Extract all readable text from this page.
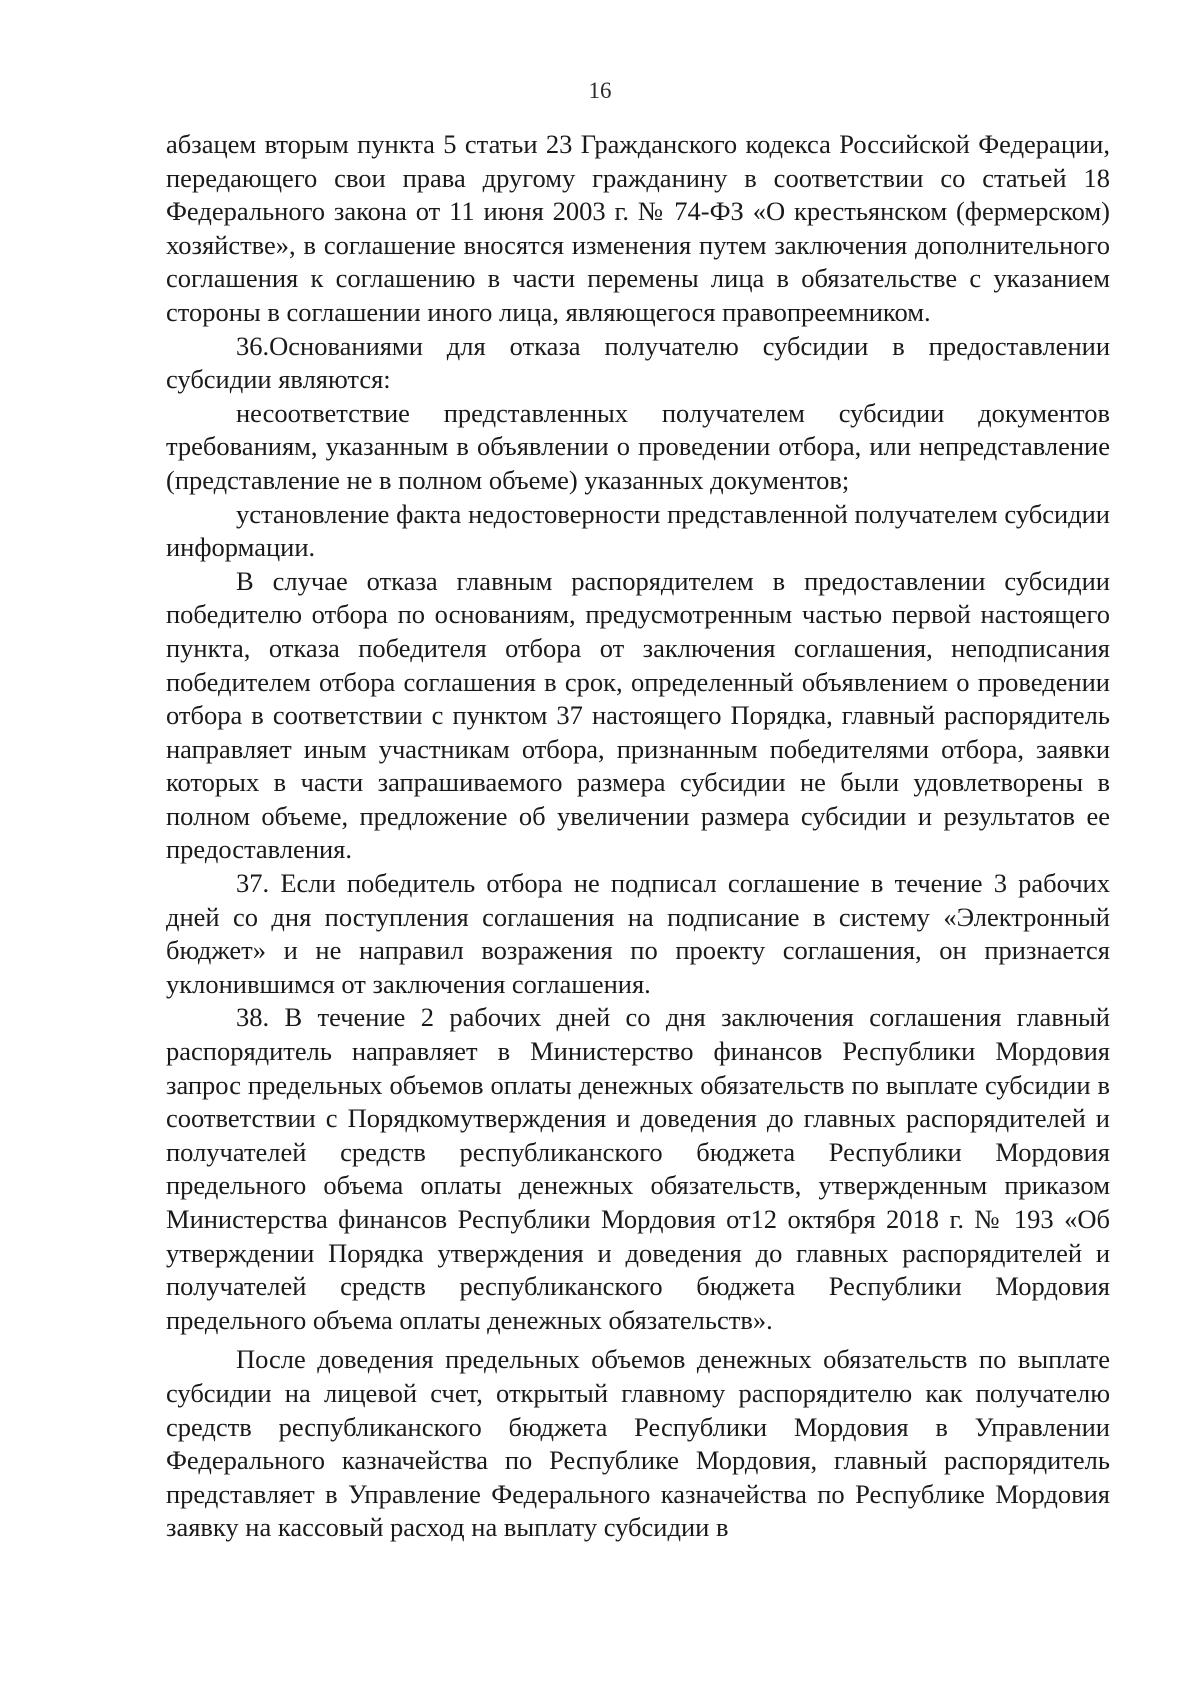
16

абзацем вторым пункта 5 статьи 23 Гражданского кодекса Российской Федерации, передающего свои права другому гражданину в соответствии со статьей 18 Федерального закона от 11 июня 2003 г. № 74-ФЗ «О крестьянском (фермерском) хозяйстве», в соглашение вносятся изменения путем заключения дополнительного соглашения к соглашению в части перемены лица в обязательстве с указанием стороны в соглашении иного лица, являющегося правопреемником.

36.Основаниями для отказа получателю субсидии в предоставлении субсидии являются:

несоответствие представленных получателем субсидии документов требованиям, указанным в объявлении о проведении отбора, или непредставление (представление не в полном объеме) указанных документов;

установление факта недостоверности представленной получателем субсидии информации.

В случае отказа главным распорядителем в предоставлении субсидии победителю отбора по основаниям, предусмотренным частью первой настоящего пункта, отказа победителя отбора от заключения соглашения, неподписания победителем отбора соглашения в срок, определенный объявлением о проведении отбора в соответствии с пунктом 37 настоящего Порядка, главный распорядитель направляет иным участникам отбора, признанным победителями отбора, заявки которых в части запрашиваемого размера субсидии не были удовлетворены в полном объеме, предложение об увеличении размера субсидии и результатов ее предоставления.

37. Если победитель отбора не подписал соглашение в течение 3 рабочих дней со дня поступления соглашения на подписание в систему «Электронный бюджет» и не направил возражения по проекту соглашения, он признается уклонившимся от заключения соглашения.

38. В течение 2 рабочих дней со дня заключения соглашения главный распорядитель направляет в Министерство финансов Республики Мордовия запрос предельных объемов оплаты денежных обязательств по выплате субсидии в соответствии с Порядкомутверждения и доведения до главных распорядителей и получателей средств республиканского бюджета Республики Мордовия предельного объема оплаты денежных обязательств, утвержденным приказом Министерства финансов Республики Мордовия от12 октября 2018 г. № 193 «Об утверждении Порядка утверждения и доведения до главных распорядителей и получателей средств республиканского бюджета Республики Мордовия предельного объема оплаты денежных обязательств».

После доведения предельных объемов денежных обязательств по выплате субсидии на лицевой счет, открытый главному распорядителю как получателю средств республиканского бюджета Республики Мордовия в Управлении Федерального казначейства по Республике Мордовия, главный распорядитель представляет в Управление Федерального казначейства по Республике Мордовия заявку на кассовый расход на выплату субсидии в
